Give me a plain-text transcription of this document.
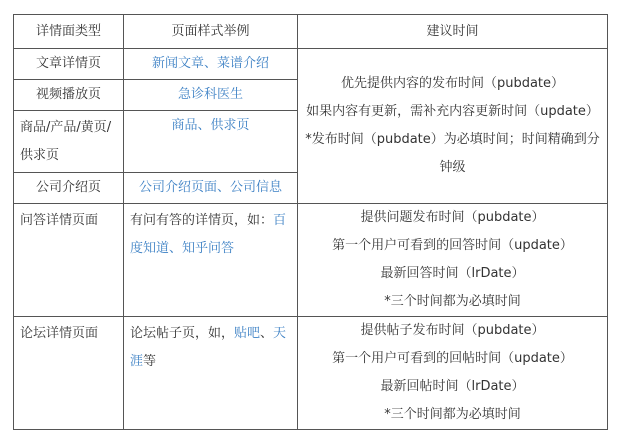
详情面类型	页面样式举例	建议时间
文章详情页	新闻文章、菜谱介绍	优先提供内容的发布时间（pubdate）
如果内容有更新，需补充内容更新时间（update）
*发布时间（pubdate）为必填时间；时间精确到分钟级

视频播放页	急诊科医生	
商品/产品/黄页/供求页	商品、供求页	
公司介绍页	公司介绍页面、公司信息	
问答详情页面	有问有答的详情页，如：百度知道、知乎问答	提供问题发布时间（pubdate）
第一个用户可看到的回答时间（update）
最新回答时间（lrDate）
*三个时间都为必填时间

论坛详情页面	论坛帖子页，如，贴吧、天涯等	提供帖子发布时间（pubdate）
第一个用户可看到的回帖时间（update）
最新回帖时间（lrDate）
*三个时间都为必填时间
